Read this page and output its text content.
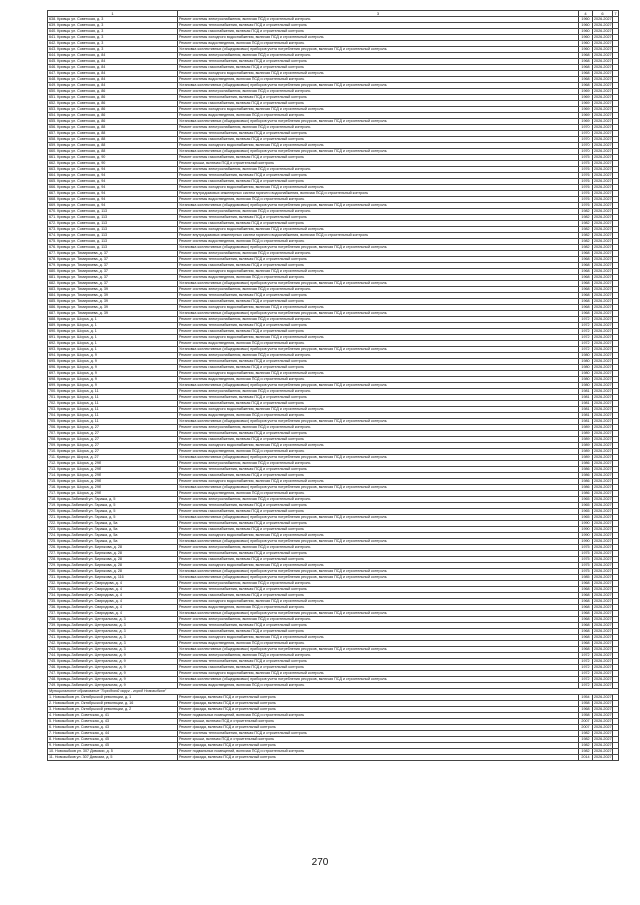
1	3	4	6	7
638. Кривцы ул. Советская, д. 3	Ремонт системы электроснабжения, включая ПСД и строительный контроль	1960	2026-2027	
639. Кривцы ул. Советская, д. 3	Ремонт системы теплоснабжения, включая ПСД и строительный контроль	1960	2026-2027	
640. Кривцы ул. Советская, д. 3	Ремонт системы газоснабжения, включая ПСД и строительный контроль	1960	2026-2027	
641. Кривцы ул. Советская, д. 3	Ремонт системы холодного водоснабжения, включая ПСД и строительный контроль	1960	2026-2027	
642. Кривцы ул. Советская, д. 3	Ремонт системы водоотведения, включая ПСД и строительный контроль	1960	2026-2027	
643. Кривцы ул. Советская, д. 3	Установка коллективных (общедомовых) приборов учета потребления ресурсов, включая ПСД и строительный контроль	1960	2026-2027	
644. Кривцы ул. Советская, д. 84	Ремонт системы электроснабжения, включая ПСД и строительный контроль	1968	2026-2027	
645. Кривцы ул. Советская, д. 84	Ремонт системы теплоснабжения, включая ПСД и строительный контроль	1968	2026-2027	
646. Кривцы ул. Советская, д. 84	Ремонт системы газоснабжения, включая ПСД и строительный контроль	1968	2026-2027	
647. Кривцы ул. Советская, д. 84	Ремонт системы холодного водоснабжения, включая ПСД и строительный контроль	1968	2026-2027	
648. Кривцы ул. Советская, д. 84	Ремонт системы водоотведения, включая ПСД и строительный контроль	1968	2026-2027	
649. Кривцы ул. Советская, д. 84	Установка коллективных (общедомовых) приборов учета потребления ресурсов, включая ПСД и строительный контроль	1968	2026-2027	
650. Кривцы ул. Советская, д. 86	Ремонт системы электроснабжения, включая ПСД и строительный контроль	1969	2026-2027	
651. Кривцы ул. Советская, д. 86	Ремонт системы теплоснабжения, включая ПСД и строительный контроль	1969	2026-2027	
652. Кривцы ул. Советская, д. 86	Ремонт системы газоснабжения, включая ПСД и строительный контроль	1969	2026-2027	
653. Кривцы ул. Советская, д. 86	Ремонт системы холодного водоснабжения, включая ПСД и строительный контроль	1969	2026-2027	
654. Кривцы ул. Советская, д. 86	Ремонт системы водоотведения, включая ПСД и строительный контроль	1969	2026-2027	
655. Кривцы ул. Советская, д. 86	Установка коллективных (общедомовых) приборов учета потребления ресурсов, включая ПСД и строительный контроль	1969	2026-2027	
656. Кривцы ул. Советская, д. 88	Ремонт системы электроснабжения, включая ПСД и строительный контроль	1970	2026-2027	
657. Кривцы ул. Советская, д. 88	Ремонт системы теплоснабжения, включая ПСД и строительный контроль	1970	2026-2027	
658. Кривцы ул. Советская, д. 88	Ремонт системы газоснабжения, включая ПСД и строительный контроль	1970	2026-2027	
659. Кривцы ул. Советская, д. 88	Ремонт системы холодного водоснабжения, включая ПСД и строительный контроль	1970	2026-2027	
660. Кривцы ул. Советская, д. 88	Установка коллективных (общедомовых) приборов учета потребления ресурсов, включая ПСД и строительный контроль	1970	2026-2027	
661. Кривцы ул. Советская, д. 90	Ремонт системы газоснабжения, включая ПСД и строительный контроль	1975	2026-2027	
662. Кривцы ул. Советская, д. 90	Ремонт крыши, включая ПСД и строительный контроль	1975	2026-2027	
663. Кривцы ул. Советская, д. 94	Ремонт системы электроснабжения, включая ПСД и строительный контроль	1976	2026-2027	
664. Кривцы ул. Советская, д. 94	Ремонт системы теплоснабжения, включая ПСД и строительный контроль	1976	2026-2027	
665. Кривцы ул. Советская, д. 94	Ремонт системы газоснабжения, включая ПСД и строительный контроль	1976	2026-2027	
666. Кривцы ул. Советская, д. 94	Ремонт системы холодного водоснабжения, включая ПСД и строительный контроль	1976	2026-2027	
667. Кривцы ул. Советская, д. 94	Ремонт внутридомовых инженерных систем горячего водоснабжения, включая ПСД и строительный контроль	1976	2026-2027	
668. Кривцы ул. Советская, д. 94	Ремонт системы водоотведения, включая ПСД и строительный контроль	1976	2026-2027	
669. Кривцы ул. Советская, д. 94	Установка коллективных (общедомовых) приборов учета потребления ресурсов, включая ПСД и строительный контроль	1976	2026-2027	
670. Кривцы ул. Советская, д. 113	Ремонт системы электроснабжения, включая ПСД и строительный контроль	1982	2026-2027	
671. Кривцы ул. Советская, д. 113	Ремонт системы теплоснабжения, включая ПСД и строительный контроль	1982	2026-2027	
672. Кривцы ул. Советская, д. 113	Ремонт системы газоснабжения, включая ПСД и строительный контроль	1982	2026-2027	
673. Кривцы ул. Советская, д. 113	Ремонт системы холодного водоснабжения, включая ПСД и строительный контроль	1982	2026-2027	
674. Кривцы ул. Советская, д. 113	Ремонт внутридомовых инженерных систем горячего водоснабжения, включая ПСД и строительный контроль	1982	2026-2027	
675. Кривцы ул. Советская, д. 113	Ремонт системы водоотведения, включая ПСД и строительный контроль	1982	2026-2027	
676. Кривцы ул. Советская, д. 113	Установка коллективных (общедомовых) приборов учета потребления ресурсов, включая ПСД и строительный контроль	1982	2026-2027	
677. Кривцы ул. Тимирязева, д. 37	Ремонт системы электроснабжения, включая ПСД и строительный контроль	1968	2026-2027	
678. Кривцы ул. Тимирязева, д. 37	Ремонт системы теплоснабжения, включая ПСД и строительный контроль	1968	2026-2027	
679. Кривцы ул. Тимирязева, д. 37	Ремонт системы газоснабжения, включая ПСД и строительный контроль	1968	2026-2027	
680. Кривцы ул. Тимирязева, д. 37	Ремонт системы холодного водоснабжения, включая ПСД и строительный контроль	1968	2026-2027	
681. Кривцы ул. Тимирязева, д. 37	Ремонт системы водоотведения, включая ПСД и строительный контроль	1968	2026-2027	
682. Кривцы ул. Тимирязева, д. 37	Установка коллективных (общедомовых) приборов учета потребления ресурсов, включая ПСД и строительный контроль	1968	2026-2027	
683. Кривцы ул. Тимирязева, д. 39	Ремонт системы электроснабжения, включая ПСД и строительный контроль	1968	2026-2027	
684. Кривцы ул. Тимирязева, д. 39	Ремонт системы теплоснабжения, включая ПСД и строительный контроль	1968	2026-2027	
685. Кривцы ул. Тимирязева, д. 39	Ремонт системы газоснабжения, включая ПСД и строительный контроль	1968	2026-2027	
686. Кривцы ул. Тимирязева, д. 39	Ремонт системы холодного водоснабжения, включая ПСД и строительный контроль	1968	2026-2027	
687. Кривцы ул. Тимирязева, д. 39	Установка коллективных (общедомовых) приборов учета потребления ресурсов, включая ПСД и строительный контроль	1968	2026-2027	
688. Кривцы ул. Шорса, д. 1	Ремонт системы электроснабжения, включая ПСД и строительный контроль	1972	2026-2027	
689. Кривцы ул. Шорса, д. 1	Ремонт системы теплоснабжения, включая ПСД и строительный контроль	1972	2026-2027	
690. Кривцы ул. Шорса, д. 1	Ремонт системы газоснабжения, включая ПСД и строительный контроль	1972	2026-2027	
691. Кривцы ул. Шорса, д. 1	Ремонт системы холодного водоснабжения, включая ПСД и строительный контроль	1972	2026-2027	
692. Кривцы ул. Шорса, д. 1	Ремонт системы водоотведения, включая ПСД и строительный контроль	1972	2026-2027	
693. Кривцы ул. Шорса, д. 1	Установка коллективных (общедомовых) приборов учета потребления ресурсов, включая ПСД и строительный контроль	1972	2026-2027	
694. Кривцы ул. Шорса, д. 9	Ремонт системы электроснабжения, включая ПСД и строительный контроль	1980	2026-2027	
695. Кривцы ул. Шорса, д. 9	Ремонт системы теплоснабжения, включая ПСД и строительный контроль	1980	2026-2027	
696. Кривцы ул. Шорса, д. 9	Ремонт системы газоснабжения, включая ПСД и строительный контроль	1980	2026-2027	
697. Кривцы ул. Шорса, д. 9	Ремонт системы холодного водоснабжения, включая ПСД и строительный контроль	1980	2026-2027	
698. Кривцы ул. Шорса, д. 9	Ремонт системы водоотведения, включая ПСД и строительный контроль	1980	2026-2027	
699. Кривцы ул. Шорса, д. 9	Установка коллективных (общедомовых) приборов учета потребления ресурсов, включая ПСД и строительный контроль	1980	2026-2027	
700. Кривцы ул. Шорса, д. 11	Ремонт системы электроснабжения, включая ПСД и строительный контроль	1981	2026-2027	
701. Кривцы ул. Шорса, д. 11	Ремонт системы теплоснабжения, включая ПСД и строительный контроль	1981	2026-2027	
702. Кривцы ул. Шорса, д. 11	Ремонт системы газоснабжения, включая ПСД и строительный контроль	1981	2026-2027	
703. Кривцы ул. Шорса, д. 11	Ремонт системы холодного водоснабжения, включая ПСД и строительный контроль	1981	2026-2027	
704. Кривцы ул. Шорса, д. 11	Ремонт системы водоотведения, включая ПСД и строительный контроль	1981	2026-2027	
705. Кривцы ул. Шорса, д. 11	Установка коллективных (общедомовых) приборов учета потребления ресурсов, включая ПСД и строительный контроль	1981	2026-2027	
706. Кривцы ул. Шорса, д. 27	Ремонт системы электроснабжения, включая ПСД и строительный контроль	1989	2026-2027	
707. Кривцы ул. Шорса, д. 27	Ремонт системы теплоснабжения, включая ПСД и строительный контроль	1989	2026-2027	
708. Кривцы ул. Шорса, д. 27	Ремонт системы газоснабжения, включая ПСД и строительный контроль	1989	2026-2027	
709. Кривцы ул. Шорса, д. 27	Ремонт системы холодного водоснабжения, включая ПСД и строительный контроль	1989	2026-2027	
710. Кривцы ул. Шорса, д. 27	Ремонт системы водоотведения, включая ПСД и строительный контроль	1989	2026-2027	
711. Кривцы ул. Шорса, д. 27	Установка коллективных (общедомовых) приборов учета потребления ресурсов, включая ПСД и строительный контроль	1989	2026-2027	
712. Кривцы ул. Шорса, д. 29б	Ремонт системы электроснабжения, включая ПСД и строительный контроль	1986	2026-2027	
713. Кривцы ул. Шорса, д. 29б	Ремонт системы теплоснабжения, включая ПСД и строительный контроль	1986	2026-2027	
714. Кривцы ул. Шорса, д. 29б	Ремонт системы газоснабжения, включая ПСД и строительный контроль	1986	2026-2027	
715. Кривцы ул. Шорса, д. 29б	Ремонт системы холодного водоснабжения, включая ПСД и строительный контроль	1986	2026-2027	
716. Кривцы ул. Шорса, д. 29б	Установка коллективных (общедомовых) приборов учета потребления ресурсов, включая ПСД и строительный контроль	1986	2026-2027	
717. Кривцы ул. Шорса, д. 29б	Ремонт системы водоотведения, включая ПСД и строительный контроль	1986	2026-2027	
718. Кривцы-Забинкий ул. Гаража, д. 5	Ремонт системы электроснабжения, включая ПСД и строительный контроль	1965	2026-2027	
719. Кривцы-Забинкий ул. Гаража, д. 5	Ремонт системы теплоснабжения, включая ПСД и строительный контроль	1965	2026-2027	
720. Кривцы-Забинкий ул. Гаража, д. 5	Ремонт системы газоснабжения, включая ПСД и строительный контроль	1965	2026-2027	
721. Кривцы-Забинкий ул. Гаража, д. 5	Установка коллективных (общедомовых) приборов учета потребления ресурсов, включая ПСД и строительный контроль	1965	2026-2027	
722. Кривцы-Забинкий ул. Гаража, д. 5а	Ремонт системы теплоснабжения, включая ПСД и строительный контроль	1990	2026-2027	
723. Кривцы-Забинкий ул. Гаража, д. 5а	Ремонт системы газоснабжения, включая ПСД и строительный контроль	1990	2026-2027	
724. Кривцы-Забинкий ул. Гаража, д. 5а	Ремонт системы холодного водоснабжения, включая ПСД и строительный контроль	1990	2026-2027	
725. Кривцы-Забинкий ул. Гаража, д. 5а	Установка коллективных (общедомовых) приборов учета потребления ресурсов, включая ПСД и строительный контроль	1990	2026-2027	
726. Кривцы-Забинкий ул. Бирюкова, д. 28	Ремонт системы электроснабжения, включая ПСД и строительный контроль	1975	2026-2027	
727. Кривцы-Забинкий ул. Бирюкова, д. 28	Ремонт системы теплоснабжения, включая ПСД и строительный контроль	1975	2026-2027	
728. Кривцы-Забинкий ул. Бирюкова, д. 28	Ремонт системы газоснабжения, включая ПСД и строительный контроль	1975	2026-2027	
729. Кривцы-Забинкий ул. Бирюкова, д. 28	Ремонт системы холодного водоснабжения, включая ПСД и строительный контроль	1975	2026-2027	
730. Кривцы-Забинкий ул. Бирюкова, д. 28	Установка коллективных (общедомовых) приборов учета потребления ресурсов, включая ПСД и строительный контроль	1975	2026-2027	
731. Кривцы-Забинкий ул. Бирюкова, д. 116	Установка коллективных (общедомовых) приборов учета потребления ресурсов, включая ПСД и строительный контроль	1985	2026-2027	
732. Кривцы-Забинкий ул. Свиридова, д. 4	Ремонт системы электроснабжения, включая ПСД и строительный контроль	1968	2026-2027	
733. Кривцы-Забинкий ул. Свиридова, д. 4	Ремонт системы теплоснабжения, включая ПСД и строительный контроль	1968	2026-2027	
734. Кривцы-Забинкий ул. Свиридова, д. 4	Ремонт системы газоснабжения, включая ПСД и строительный контроль	1968	2026-2027	
735. Кривцы-Забинкий ул. Свиридова, д. 4	Ремонт системы холодного водоснабжения, включая ПСД и строительный контроль	1968	2026-2027	
736. Кривцы-Забинкий ул. Свиридова, д. 4	Ремонт системы водоотведения, включая ПСД и строительный контроль	1968	2026-2027	
737. Кривцы-Забинкий ул. Свиридова, д. 4	Установка коллективных (общедомовых) приборов учета потребления ресурсов, включая ПСД и строительный контроль	1968	2026-2027	
738. Кривцы-Забинкий ул. Центральная, д. 3	Ремонт системы электроснабжения, включая ПСД и строительный контроль	1968	2026-2027	
739. Кривцы-Забинкий ул. Центральная, д. 3	Ремонт системы теплоснабжения, включая ПСД и строительный контроль	1968	2026-2027	
740. Кривцы-Забинкий ул. Центральная, д. 3	Ремонт системы газоснабжения, включая ПСД и строительный контроль	1968	2026-2027	
741. Кривцы-Забинкий ул. Центральная, д. 3	Ремонт системы холодного водоснабжения, включая ПСД и строительный контроль	1968	2026-2027	
742. Кривцы-Забинкий ул. Центральная, д. 3	Ремонт системы водоотведения, включая ПСД и строительный контроль	1968	2026-2027	
743. Кривцы-Забинкий ул. Центральная, д. 3	Установка коллективных (общедомовых) приборов учета потребления ресурсов, включая ПСД и строительный контроль	1968	2026-2027	
744. Кривцы-Забинкий ул. Центральная, д. 9	Ремонт системы электроснабжения, включая ПСД и строительный контроль	1972	2026-2027	
745. Кривцы-Забинкий ул. Центральная, д. 9	Ремонт системы теплоснабжения, включая ПСД и строительный контроль	1972	2026-2027	
746. Кривцы-Забинкий ул. Центральная, д. 9	Ремонт системы газоснабжения, включая ПСД и строительный контроль	1972	2026-2027	
747. Кривцы-Забинкий ул. Центральная, д. 9	Ремонт системы холодного водоснабжения, включая ПСД и строительный контроль	1972	2026-2027	
748. Кривцы-Забинкий ул. Центральная, д. 9	Установка коллективных (общедомовых) приборов учета потребления ресурсов, включая ПСД и строительный контроль	1972	2026-2027	
749. Кривцы-Забинкий ул. Центральная, д. 9	Ремонт системы водоотведения, включая ПСД и строительный контроль	1972	2026-2027	
Муниципальное образование "Городской округ - город Новозыбков"				
1. Новозыбков ул. Октябрьской революции, д. 1	Ремонт фасада, включая ПСД и строительный контроль	1954	2026-2027	
2. Новозыбков ул. Октябрьской революции, д. 16	Ремонт фасада, включая ПСД и строительный контроль	1958	2026-2027	
3. Новозыбков ул. Октябрьской революции, д. 2	Ремонт фасада, включая ПСД и строительный контроль	1968	2026-2027	
4. Новозыбков ул. Советская, д. 41	Ремонт подвальных помещений, включая ПСД и строительный контроль	1958	2026-2027	
5. Новозыбков ул. Советская, д. 43	Ремонт крыши, включая ПСД и строительный контроль	2007	2026-2027	
6. Новозыбков ул. Советская, д. 43	Ремонт фасада, включая ПСД и строительный контроль	2007	2026-2027	
7. Новозыбков ул. Советская, д. 44	Ремонт системы теплоснабжения, включая ПСД и строительный контроль	1982	2026-2027	
8. Новозыбков ул. Советская, д. 45	Ремонт крыши, включая ПСД и строительный контроль	1982	2026-2027	
9. Новозыбков ул. Советская, д. 45	Ремонт фасада, включая ПСД и строительный контроль	1982	2026-2027	
10. Новозыбков ул. 307 Дивизии, д. 5	Ремонт подвальных помещений, включая ПСД и строительный контроль	1982	2026-2027	
11. Новозыбков ул. 307 Дивизии, д. 5	Ремонт фасада, включая ПСД и строительный контроль	2014	2026-2027	
270
